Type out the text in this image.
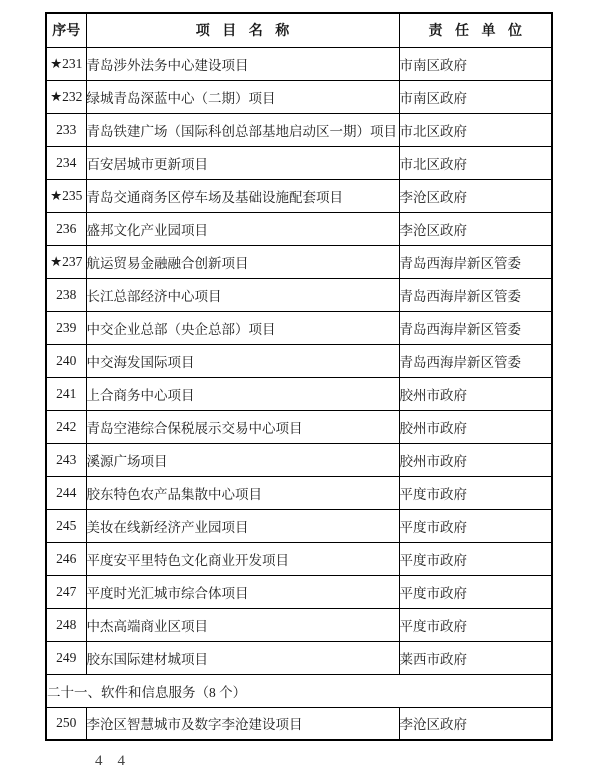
序号	项 目 名 称	责 任 单 位
★231	青岛涉外法务中心建设项目	市南区政府
★232	绿城青岛深蓝中心（二期）项目	市南区政府
233	青岛铁建广场（国际科创总部基地启动区一期）项目	市北区政府
234	百安居城市更新项目	市北区政府
★235	青岛交通商务区停车场及基础设施配套项目	李沧区政府
236	盛邦文化产业园项目	李沧区政府
★237	航运贸易金融融合创新项目	青岛西海岸新区管委
238	长江总部经济中心项目	青岛西海岸新区管委
239	中交企业总部（央企总部）项目	青岛西海岸新区管委
240	中交海发国际项目	青岛西海岸新区管委
241	上合商务中心项目	胶州市政府
242	青岛空港综合保税展示交易中心项目	胶州市政府
243	溪源广场项目	胶州市政府
244	胶东特色农产品集散中心项目	平度市政府
245	美妆在线新经济产业园项目	平度市政府
246	平度安平里特色文化商业开发项目	平度市政府
247	平度时光汇城市综合体项目	平度市政府
248	中杰高端商业区项目	平度市政府
249	胶东国际建材城项目	莱西市政府
二十一、软件和信息服务（8 个）		
250	李沧区智慧城市及数字李沧建设项目	李沧区政府
44
